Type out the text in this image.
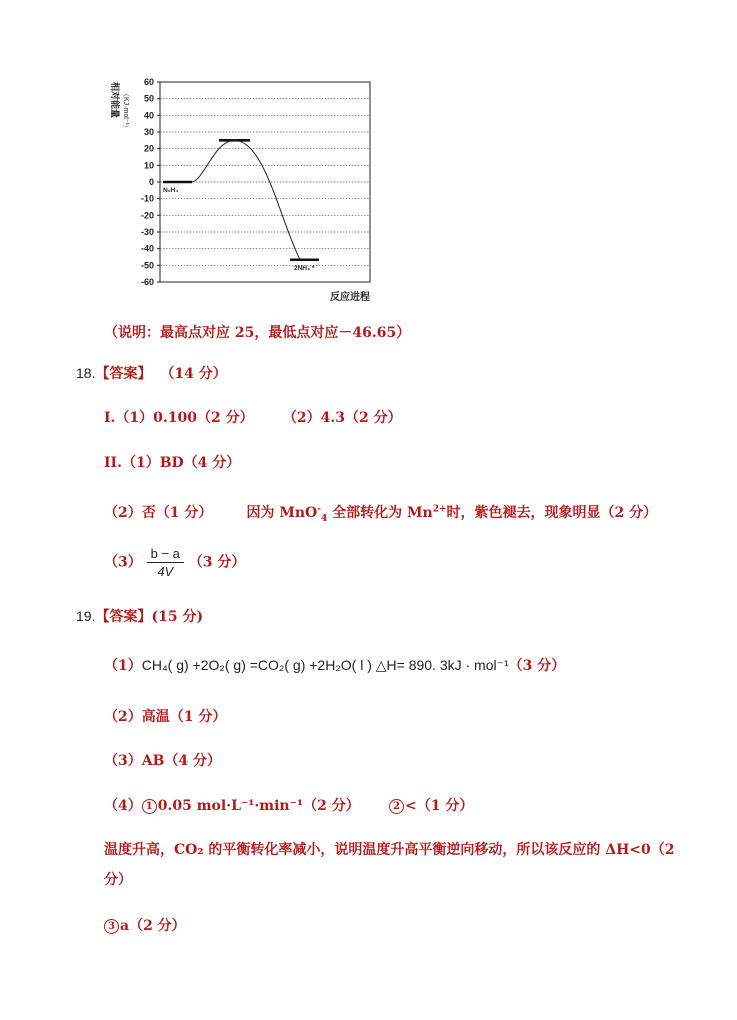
60
50
40
30
20
10
0
-10
-20
-30
-40
-50
-60
N₂H₄
2NH₃ *
相对能量 （KJ·mol⁻¹）
反应进程
（说明：最高点对应 25，最低点对应－46.65）
18.【答案】 （14 分）
I.（1）0.100（2 分） （2）4.3（2 分）
II.（1）BD（4 分）
（2）否（1 分） 因为 MnO-$_4$ 全部转化为 $Mn^{2+}$时，紫色褪去，现象明显（2 分）
$(3) \frac{b - a}{4V} (3$ 分）
19.【答案】(15 分)
（1）CH₄( g) +2O₂( g) =CO₂( g) +2H₂O( l ) △H= 890. 3kJ · mol⁻¹（3 分）
（2）高温（1 分）
（3）AB（4 分）
（4） 1 0.05 mol·L⁻¹·min⁻¹（2 分）	2 <（1 分）
温度升高，CO₂ 的平衡转化率减小，说明温度升高平衡逆向移动，所以该反应的 ΔH<0（2
分）
3 a（2 分）
